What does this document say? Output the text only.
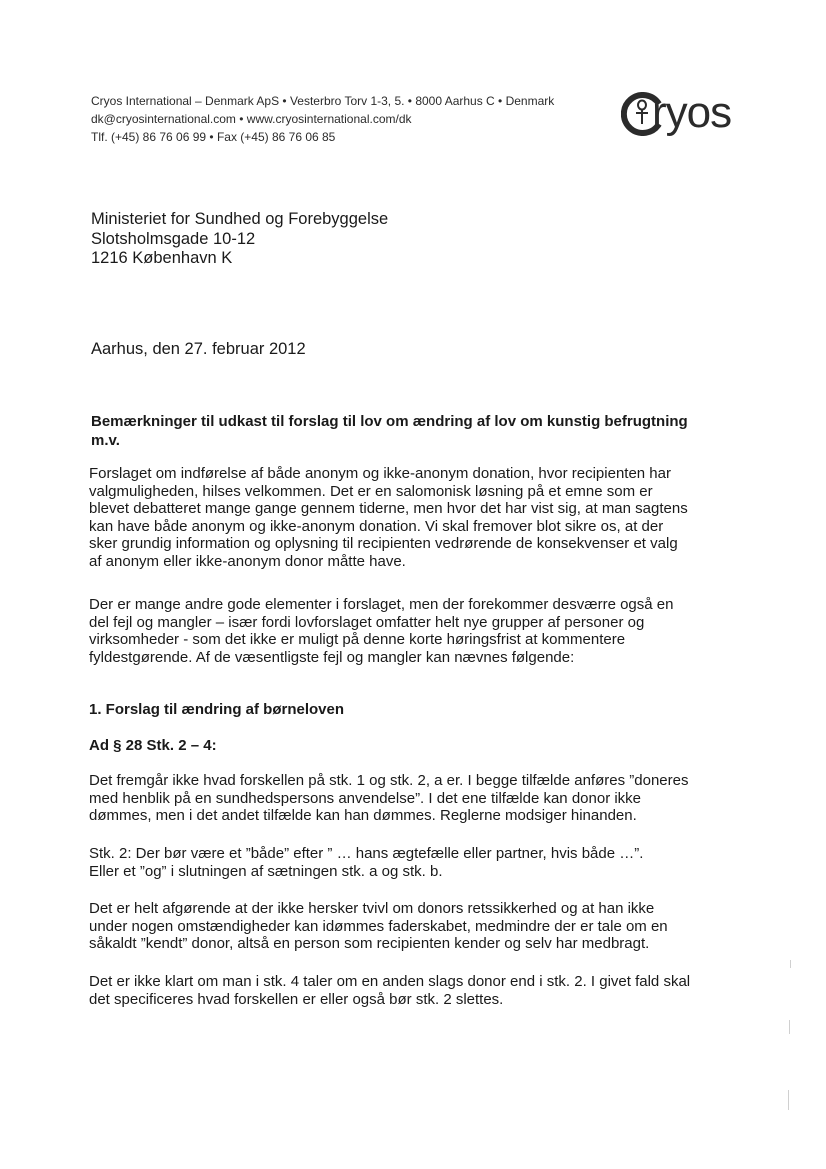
Cryos International – Denmark ApS • Vesterbro Torv 1-3, 5. • 8000 Aarhus C • Denmark
dk@cryosinternational.com • www.cryosinternational.com/dk
Tlf. (+45) 86 76 06 99 • Fax (+45) 86 76 06 85	ryos
Ministeriet for Sundhed og Forebyggelse
Slotsholmsgade 10-12
1216 København K
Aarhus, den 27. februar 2012
Bemærkninger til udkast til forslag til lov om ændring af lov om kunstig befrugtning
m.v.
Forslaget om indførelse af både anonym og ikke-anonym donation, hvor recipienten har
valgmuligheden, hilses velkommen. Det er en salomonisk løsning på et emne som er
blevet debatteret mange gange gennem tiderne, men hvor det har vist sig, at man sagtens
kan have både anonym og ikke-anonym donation. Vi skal fremover blot sikre os, at der
sker grundig information og oplysning til recipienten vedrørende de konsekvenser et valg
af anonym eller ikke-anonym donor måtte have.
Der er mange andre gode elementer i forslaget, men der forekommer desværre også en
del fejl og mangler – især fordi lovforslaget omfatter helt nye grupper af personer og
virksomheder - som det ikke er muligt på denne korte høringsfrist at kommentere
fyldestgørende. Af de væsentligste fejl og mangler kan nævnes følgende:
1. Forslag til ændring af børneloven
Ad § 28 Stk. 2 – 4:
Det fremgår ikke hvad forskellen på stk. 1 og stk. 2, a er. I begge tilfælde anføres ”doneres
med henblik på en sundhedspersons anvendelse”. I det ene tilfælde kan donor ikke
dømmes, men i det andet tilfælde kan han dømmes. Reglerne modsiger hinanden.
Stk. 2: Der bør være et ”både” efter ” … hans ægtefælle eller partner, hvis både …”.
Eller et ”og” i slutningen af sætningen stk. a og stk. b.
Det er helt afgørende at der ikke hersker tvivl om donors retssikkerhed og at han ikke
under nogen omstændigheder kan idømmes faderskabet, medmindre der er tale om en
såkaldt ”kendt” donor, altså en person som recipienten kender og selv har medbragt.
Det er ikke klart om man i stk. 4 taler om en anden slags donor end i stk. 2. I givet fald skal
det specificeres hvad forskellen er eller også bør stk. 2 slettes.
